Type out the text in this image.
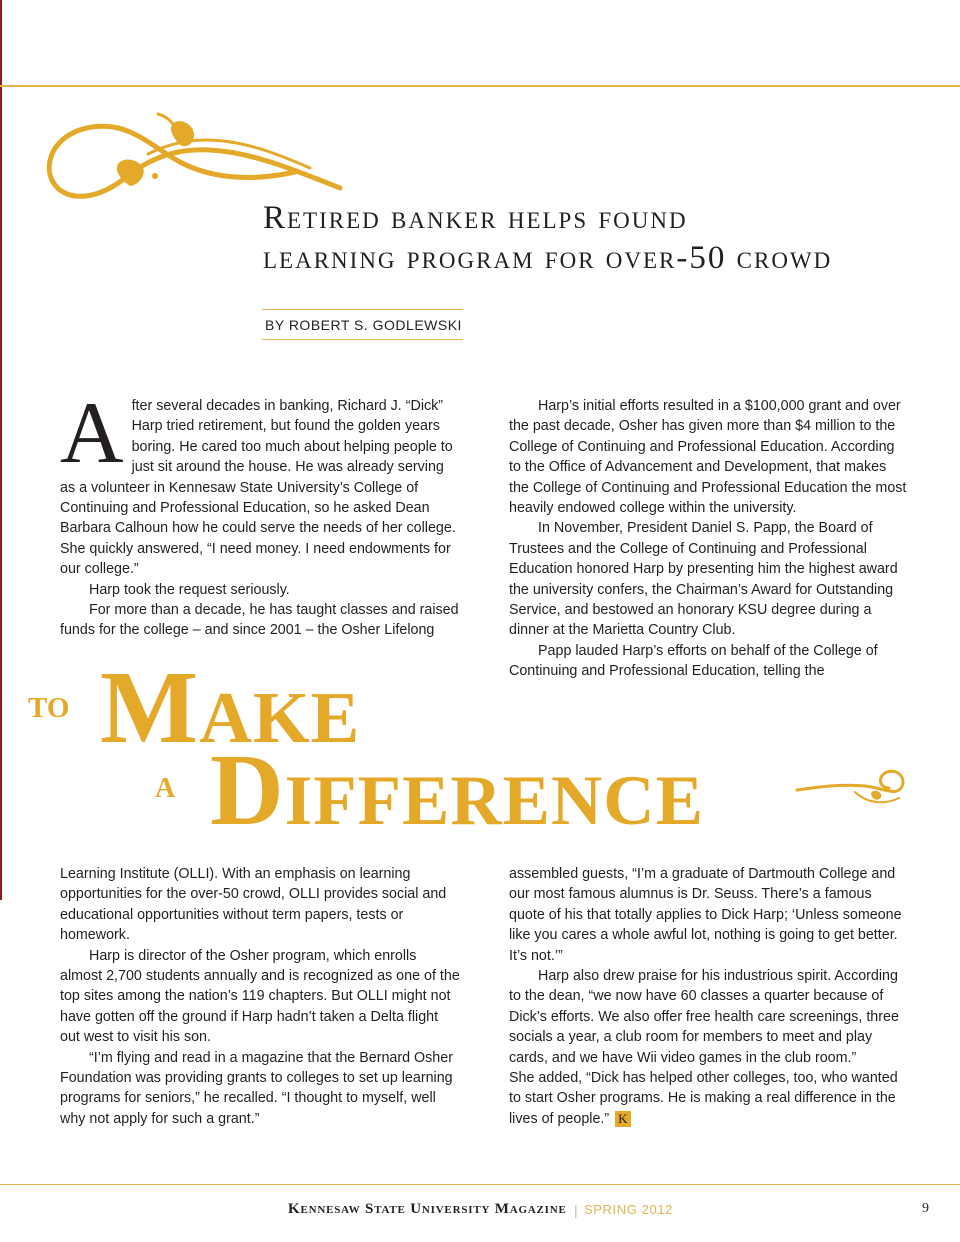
Retired banker helps found
learning program for over-50 crowd
BY ROBERT S. GODLEWSKI
A fter several decades in banking, Richard J. “Dick” Harp tried retirement, but found the golden years boring. He cared too much about helping people to just sit around the house. He was already serving as a volunteer in Kennesaw State University’s College of Continuing and Professional Education, so he asked Dean Barbara Calhoun how he could serve the needs of her college. She quickly answered, “I need money. I need endowments for our college.”

Harp took the request seriously.

For more than a decade, he has taught classes and raised funds for the college – and since 2001 – the Osher Lifelong

Harp’s initial efforts resulted in a $100,000 grant and over the past decade, Osher has given more than $4 million to the College of Continuing and Professional Education. According to the Office of Advancement and Development, that makes the College of Continuing and Professional Education the most heavily endowed college within the university.

In November, President Daniel S. Papp, the Board of Trustees and the College of Continuing and Professional Education honored Harp by presenting him the highest award the university confers, the Chairman’s Award for Outstanding Service, and bestowed an honorary KSU degree during a dinner at the Marietta Country Club.

Papp lauded Harp’s efforts on behalf of the College of Continuing and Professional Education, telling the

to Make
a Difference

Learning Institute (OLLI). With an emphasis on learning opportunities for the over-50 crowd, OLLI provides social and educational opportunities without term papers, tests or homework.

Harp is director of the Osher program, which enrolls almost 2,700 students annually and is recognized as one of the top sites among the nation’s 119 chapters. But OLLI might not have gotten off the ground if Harp hadn’t taken a Delta flight out west to visit his son.

“I’m flying and read in a magazine that the Bernard Osher Foundation was providing grants to colleges to set up learning programs for seniors,” he recalled. “I thought to myself, well why not apply for such a grant.”

assembled guests, “I’m a graduate of Dartmouth College and our most famous alumnus is Dr. Seuss. There’s a famous quote of his that totally applies to Dick Harp; ‘Unless someone like you cares a whole awful lot, nothing is going to get better. It’s not.’”

Harp also drew praise for his industrious spirit. According to the dean, “we now have 60 classes a quarter because of Dick’s efforts. We also offer free health care screenings, three socials a year, a club room for members to meet and play cards, and we have Wii video games in the club room.”

She added, “Dick has helped other colleges, too, who wanted to start Osher programs. He is making a real difference in the lives of people.” K
Kennesaw State University Magazine | SPRING 2012	9
